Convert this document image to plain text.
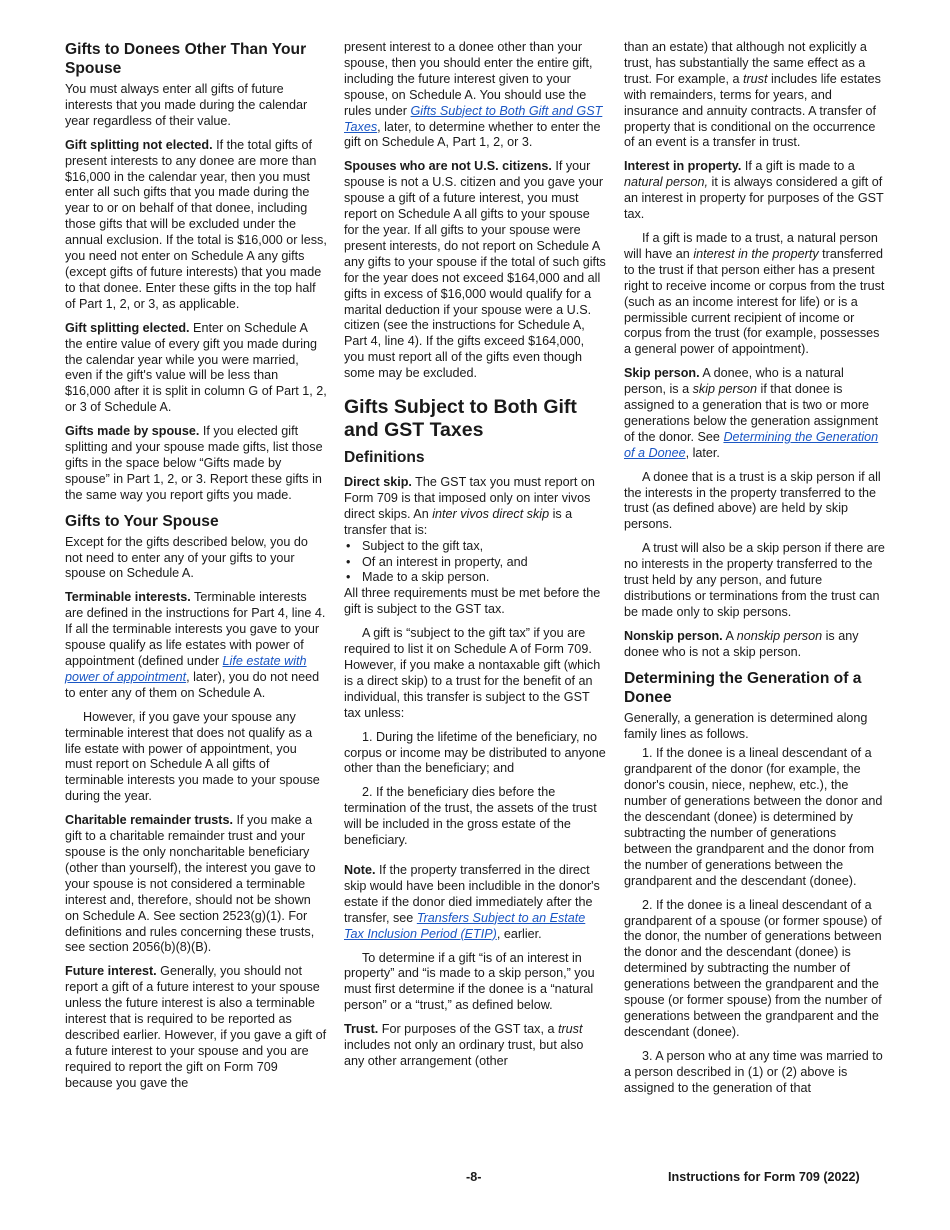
Gifts to Donees Other Than Your Spouse

You must always enter all gifts of future interests that you made during the calendar year regardless of their value.

Gift splitting not elected. If the total gifts of present interests to any donee are more than $16,000 in the calendar year, then you must enter all such gifts that you made during the year to or on behalf of that donee, including those gifts that will be excluded under the annual exclusion. If the total is $16,000 or less, you need not enter on Schedule A any gifts (except gifts of future interests) that you made to that donee. Enter these gifts in the top half of Part 1, 2, or 3, as applicable.

Gift splitting elected. Enter on Schedule A the entire value of every gift you made during the calendar year while you were married, even if the gift's value will be less than $16,000 after it is split in column G of Part 1, 2, or 3 of Schedule A.

Gifts made by spouse. If you elected gift splitting and your spouse made gifts, list those gifts in the space below “Gifts made by spouse” in Part 1, 2, or 3. Report these gifts in the same way you report gifts you made.

Gifts to Your Spouse

Except for the gifts described below, you do not need to enter any of your gifts to your spouse on Schedule A.

Terminable interests. Terminable interests are defined in the instructions for Part 4, line 4. If all the terminable interests you gave to your spouse qualify as life estates with power of appointment (defined under Life estate with power of appointment, later), you do not need to enter any of them on Schedule A.

However, if you gave your spouse any terminable interest that does not qualify as a life estate with power of appointment, you must report on Schedule A all gifts of terminable interests you made to your spouse during the year.

Charitable remainder trusts. If you make a gift to a charitable remainder trust and your spouse is the only noncharitable beneficiary (other than yourself), the interest you gave to your spouse is not considered a terminable interest and, therefore, should not be shown on Schedule A. See section 2523(g)(1). For definitions and rules concerning these trusts, see section 2056(b)(8)(B).

Future interest. Generally, you should not report a gift of a future interest to your spouse unless the future interest is also a terminable interest that is required to be reported as described earlier. However, if you gave a gift of a future interest to your spouse and you are required to report the gift on Form 709 because you gave the

present interest to a donee other than your spouse, then you should enter the entire gift, including the future interest given to your spouse, on Schedule A. You should use the rules under Gifts Subject to Both Gift and GST Taxes, later, to determine whether to enter the gift on Schedule A, Part 1, 2, or 3.

Spouses who are not U.S. citizens. If your spouse is not a U.S. citizen and you gave your spouse a gift of a future interest, you must report on Schedule A all gifts to your spouse for the year. If all gifts to your spouse were present interests, do not report on Schedule A any gifts to your spouse if the total of such gifts for the year does not exceed $164,000 and all gifts in excess of $16,000 would qualify for a marital deduction if your spouse were a U.S. citizen (see the instructions for Schedule A, Part 4, line 4). If the gifts exceed $164,000, you must report all of the gifts even though some may be excluded.

Gifts Subject to Both Gift and GST Taxes
Definitions

Direct skip. The GST tax you must report on Form 709 is that imposed only on inter vivos direct skips. An inter vivos direct skip is a transfer that is:

• Subject to the gift tax,
• Of an interest in property, and
• Made to a skip person.

All three requirements must be met before the gift is subject to the GST tax.

A gift is “subject to the gift tax” if you are required to list it on Schedule A of Form 709. However, if you make a nontaxable gift (which is a direct skip) to a trust for the benefit of an individual, this transfer is subject to the GST tax unless:

1. During the lifetime of the beneficiary, no corpus or income may be distributed to anyone other than the beneficiary; and

2. If the beneficiary dies before the termination of the trust, the assets of the trust will be included in the gross estate of the beneficiary.

Note. If the property transferred in the direct skip would have been includible in the donor's estate if the donor died immediately after the transfer, see Transfers Subject to an Estate Tax Inclusion Period (ETIP), earlier.

To determine if a gift “is of an interest in property” and “is made to a skip person,” you must first determine if the donee is a “natural person” or a “trust,” as defined below.

Trust. For purposes of the GST tax, a trust includes not only an ordinary trust, but also any other arrangement (other

than an estate) that although not explicitly a trust, has substantially the same effect as a trust. For example, a trust includes life estates with remainders, terms for years, and insurance and annuity contracts. A transfer of property that is conditional on the occurrence of an event is a transfer in trust.

Interest in property. If a gift is made to a natural person, it is always considered a gift of an interest in property for purposes of the GST tax.

If a gift is made to a trust, a natural person will have an interest in the property transferred to the trust if that person either has a present right to receive income or corpus from the trust (such as an income interest for life) or is a permissible current recipient of income or corpus from the trust (for example, possesses a general power of appointment).

Skip person. A donee, who is a natural person, is a skip person if that donee is assigned to a generation that is two or more generations below the generation assignment of the donor. See Determining the Generation of a Donee, later.

A donee that is a trust is a skip person if all the interests in the property transferred to the trust (as defined above) are held by skip persons.

A trust will also be a skip person if there are no interests in the property transferred to the trust held by any person, and future distributions or terminations from the trust can be made only to skip persons.

Nonskip person. A nonskip person is any donee who is not a skip person.

Determining the Generation of a Donee

Generally, a generation is determined along family lines as follows.

1. If the donee is a lineal descendant of a grandparent of the donor (for example, the donor's cousin, niece, nephew, etc.), the number of generations between the donor and the descendant (donee) is determined by subtracting the number of generations between the grandparent and the donor from the number of generations between the grandparent and the descendant (donee).

2. If the donee is a lineal descendant of a grandparent of a spouse (or former spouse) of the donor, the number of generations between the donor and the descendant (donee) is determined by subtracting the number of generations between the grandparent and the spouse (or former spouse) from the number of generations between the grandparent and the descendant (donee).

3. A person who at any time was married to a person described in (1) or (2) above is assigned to the generation of that

-8-	Instructions for Form 709 (2022)
